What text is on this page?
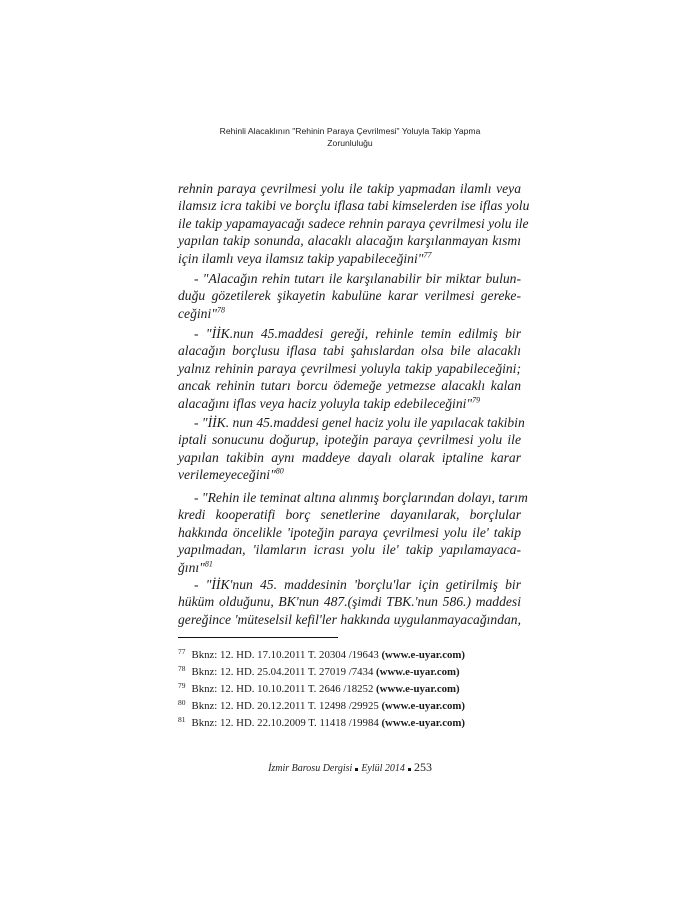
Rehinli Alacaklının "Rehinin Paraya Çevrilmesi" Yoluyla Takip Yapma
Zorunluluğu
rehnin paraya çevrilmesi yolu ile takip yapmadan ilamlı veya
ilamsız icra takibi ve borçlu iflasa tabi kimselerden ise iflas yolu
ile takip yapamayacağı sadece rehnin paraya çevrilmesi yolu ile
yapılan takip sonunda, alacaklı alacağın karşılanmayan kısmı
için ilamlı veya ilamsız takip yapabileceğini"$^{77}$
- "Alacağın rehin tutarı ile karşılanabilir bir miktar bulun-
duğu gözetilerek şikayetin kabulüne karar verilmesi gereke-
ceğini"$^{78}$
- "İİK.nun 45.maddesi gereği, rehinle temin edilmiş bir
alacağın borçlusu iflasa tabi şahıslardan olsa bile alacaklı
yalnız rehinin paraya çevrilmesi yoluyla takip yapabileceğini;
ancak rehinin tutarı borcu ödemeğe yetmezse alacaklı kalan
alacağını iflas veya haciz yoluyla takip edebileceğini"$^{79}$
- "İİK. nun 45.maddesi genel haciz yolu ile yapılacak takibin
iptali sonucunu doğurup, ipoteğin paraya çevrilmesi yolu ile
yapılan takibin aynı maddeye dayalı olarak iptaline karar
verilemeyeceğini"$^{80}$
- "Rehin ile teminat altına alınmış borçlarından dolayı, tarım
kredi kooperatifi borç senetlerine dayanılarak, borçlular
hakkında öncelikle 'ipoteğin paraya çevrilmesi yolu ile' takip
yapılmadan, 'ilamların icrası yolu ile' takip yapılamayaca-
ğını"$^{81}$
- "İİK'nun 45. maddesinin 'borçlu'lar için getirilmiş bir
hüküm olduğunu, BK'nun 487.(şimdi TBK.'nun 586.) maddesi
gereğince 'müteselsil kefil'ler hakkında uygulanmayacağından,
$^{77}$ Bknz: 12. HD. 17.10.2011 T. 20304 /19643 (www.e-uyar.com)
$^{78}$ Bknz: 12. HD. 25.04.2011 T. 27019 /7434 (www.e-uyar.com)
$^{79}$ Bknz: 12. HD. 10.10.2011 T. 2646 /18252 (www.e-uyar.com)
$^{80}$ Bknz: 12. HD. 20.12.2011 T. 12498 /29925 (www.e-uyar.com)
$^{81}$ Bknz: 12. HD. 22.10.2009 T. 11418 /19984 (www.e-uyar.com)
İzmir Barosu Dergisi Eylül 2014 253
